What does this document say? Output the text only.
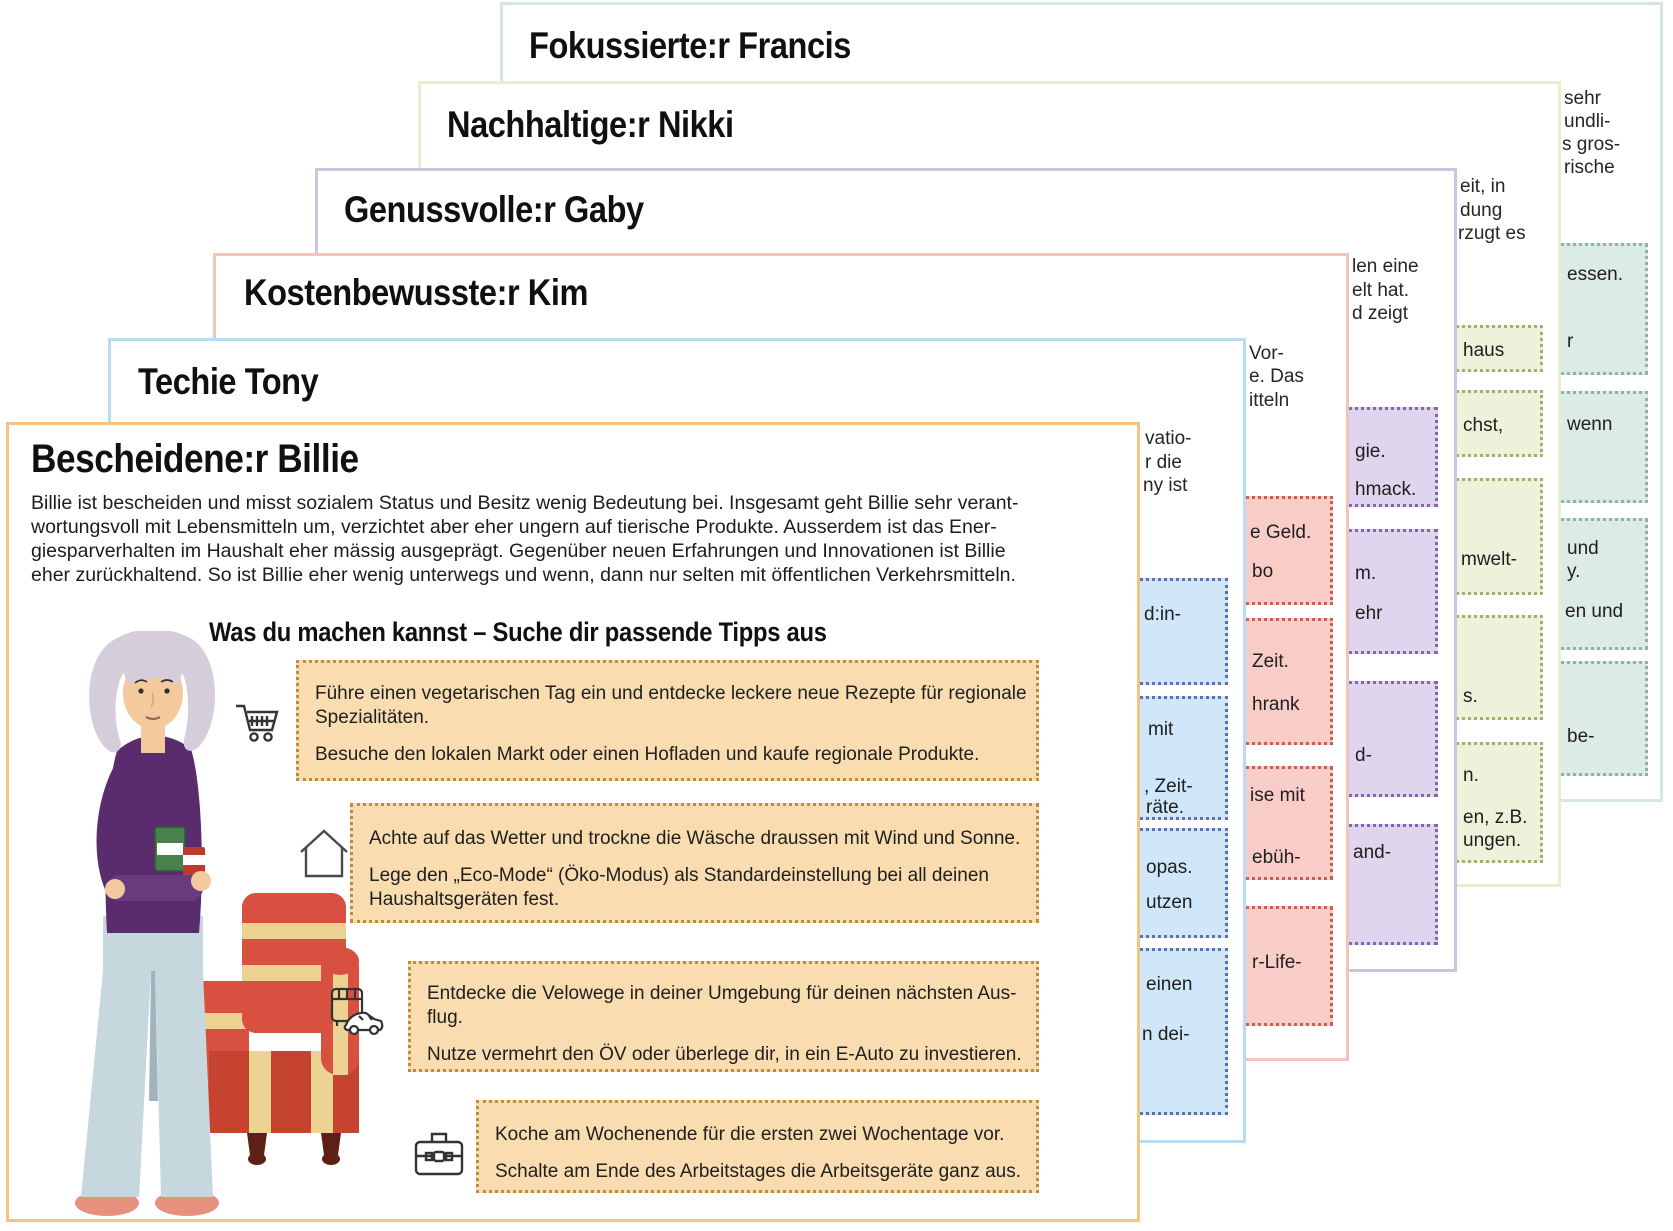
Fokussierte:r Francis
sehr
undli-
s gros-
rische
essen.
r
wenn
und
y.
en und
be-
Nachhaltige:r Nikki
eit, in
dung
rzugt es
haus
chst,
mwelt-
s.
n.
en, z.B.
ungen.
Genussvolle:r Gaby
len eine
elt hat.
d zeigt
gie.
hmack.
m.
ehr
d-
and-
Kostenbewusste:r Kim
Vor-
e. Das
itteln
e Geld.
bo
Zeit.
hrank
ise mit
ebüh-
r-Life-
Techie Tony
vatio-
r die
ny ist
d:in-
mit
, Zeit-
räte.
opas.
utzen
einen
n dei-
Bescheidene:r Billie
Billie ist bescheiden und misst sozialem Status und Besitz wenig Bedeutung bei. Insgesamt geht Billie sehr verant-
wortungsvoll mit Lebensmitteln um, verzichtet aber eher ungern auf tierische Produkte. Ausserdem ist das Ener-
giesparverhalten im Haushalt eher mässig ausgeprägt. Gegenüber neuen Erfahrungen und Innovationen ist Billie
eher zurückhaltend. So ist Billie eher wenig unterwegs und wenn, dann nur selten mit öffentlichen Verkehrsmitteln.
Was du machen kannst – Suche dir passende Tipps aus
Führe einen vegetarischen Tag ein und entdecke leckere neue Rezepte für regionale
Spezialitäten.
Besuche den lokalen Markt oder einen Hofladen und kaufe regionale Produkte.
Achte auf das Wetter und trockne die Wäsche draussen mit Wind und Sonne.
Lege den „Eco-Mode“ (Öko-Modus) als Standardeinstellung bei all deinen
Haushaltsgeräten fest.
Entdecke die Velowege in deiner Umgebung für deinen nächsten Aus-
flug.
Nutze vermehrt den ÖV oder überlege dir, in ein E-Auto zu investieren.
Koche am Wochenende für die ersten zwei Wochentage vor.
Schalte am Ende des Arbeitstages die Arbeitsgeräte ganz aus.
